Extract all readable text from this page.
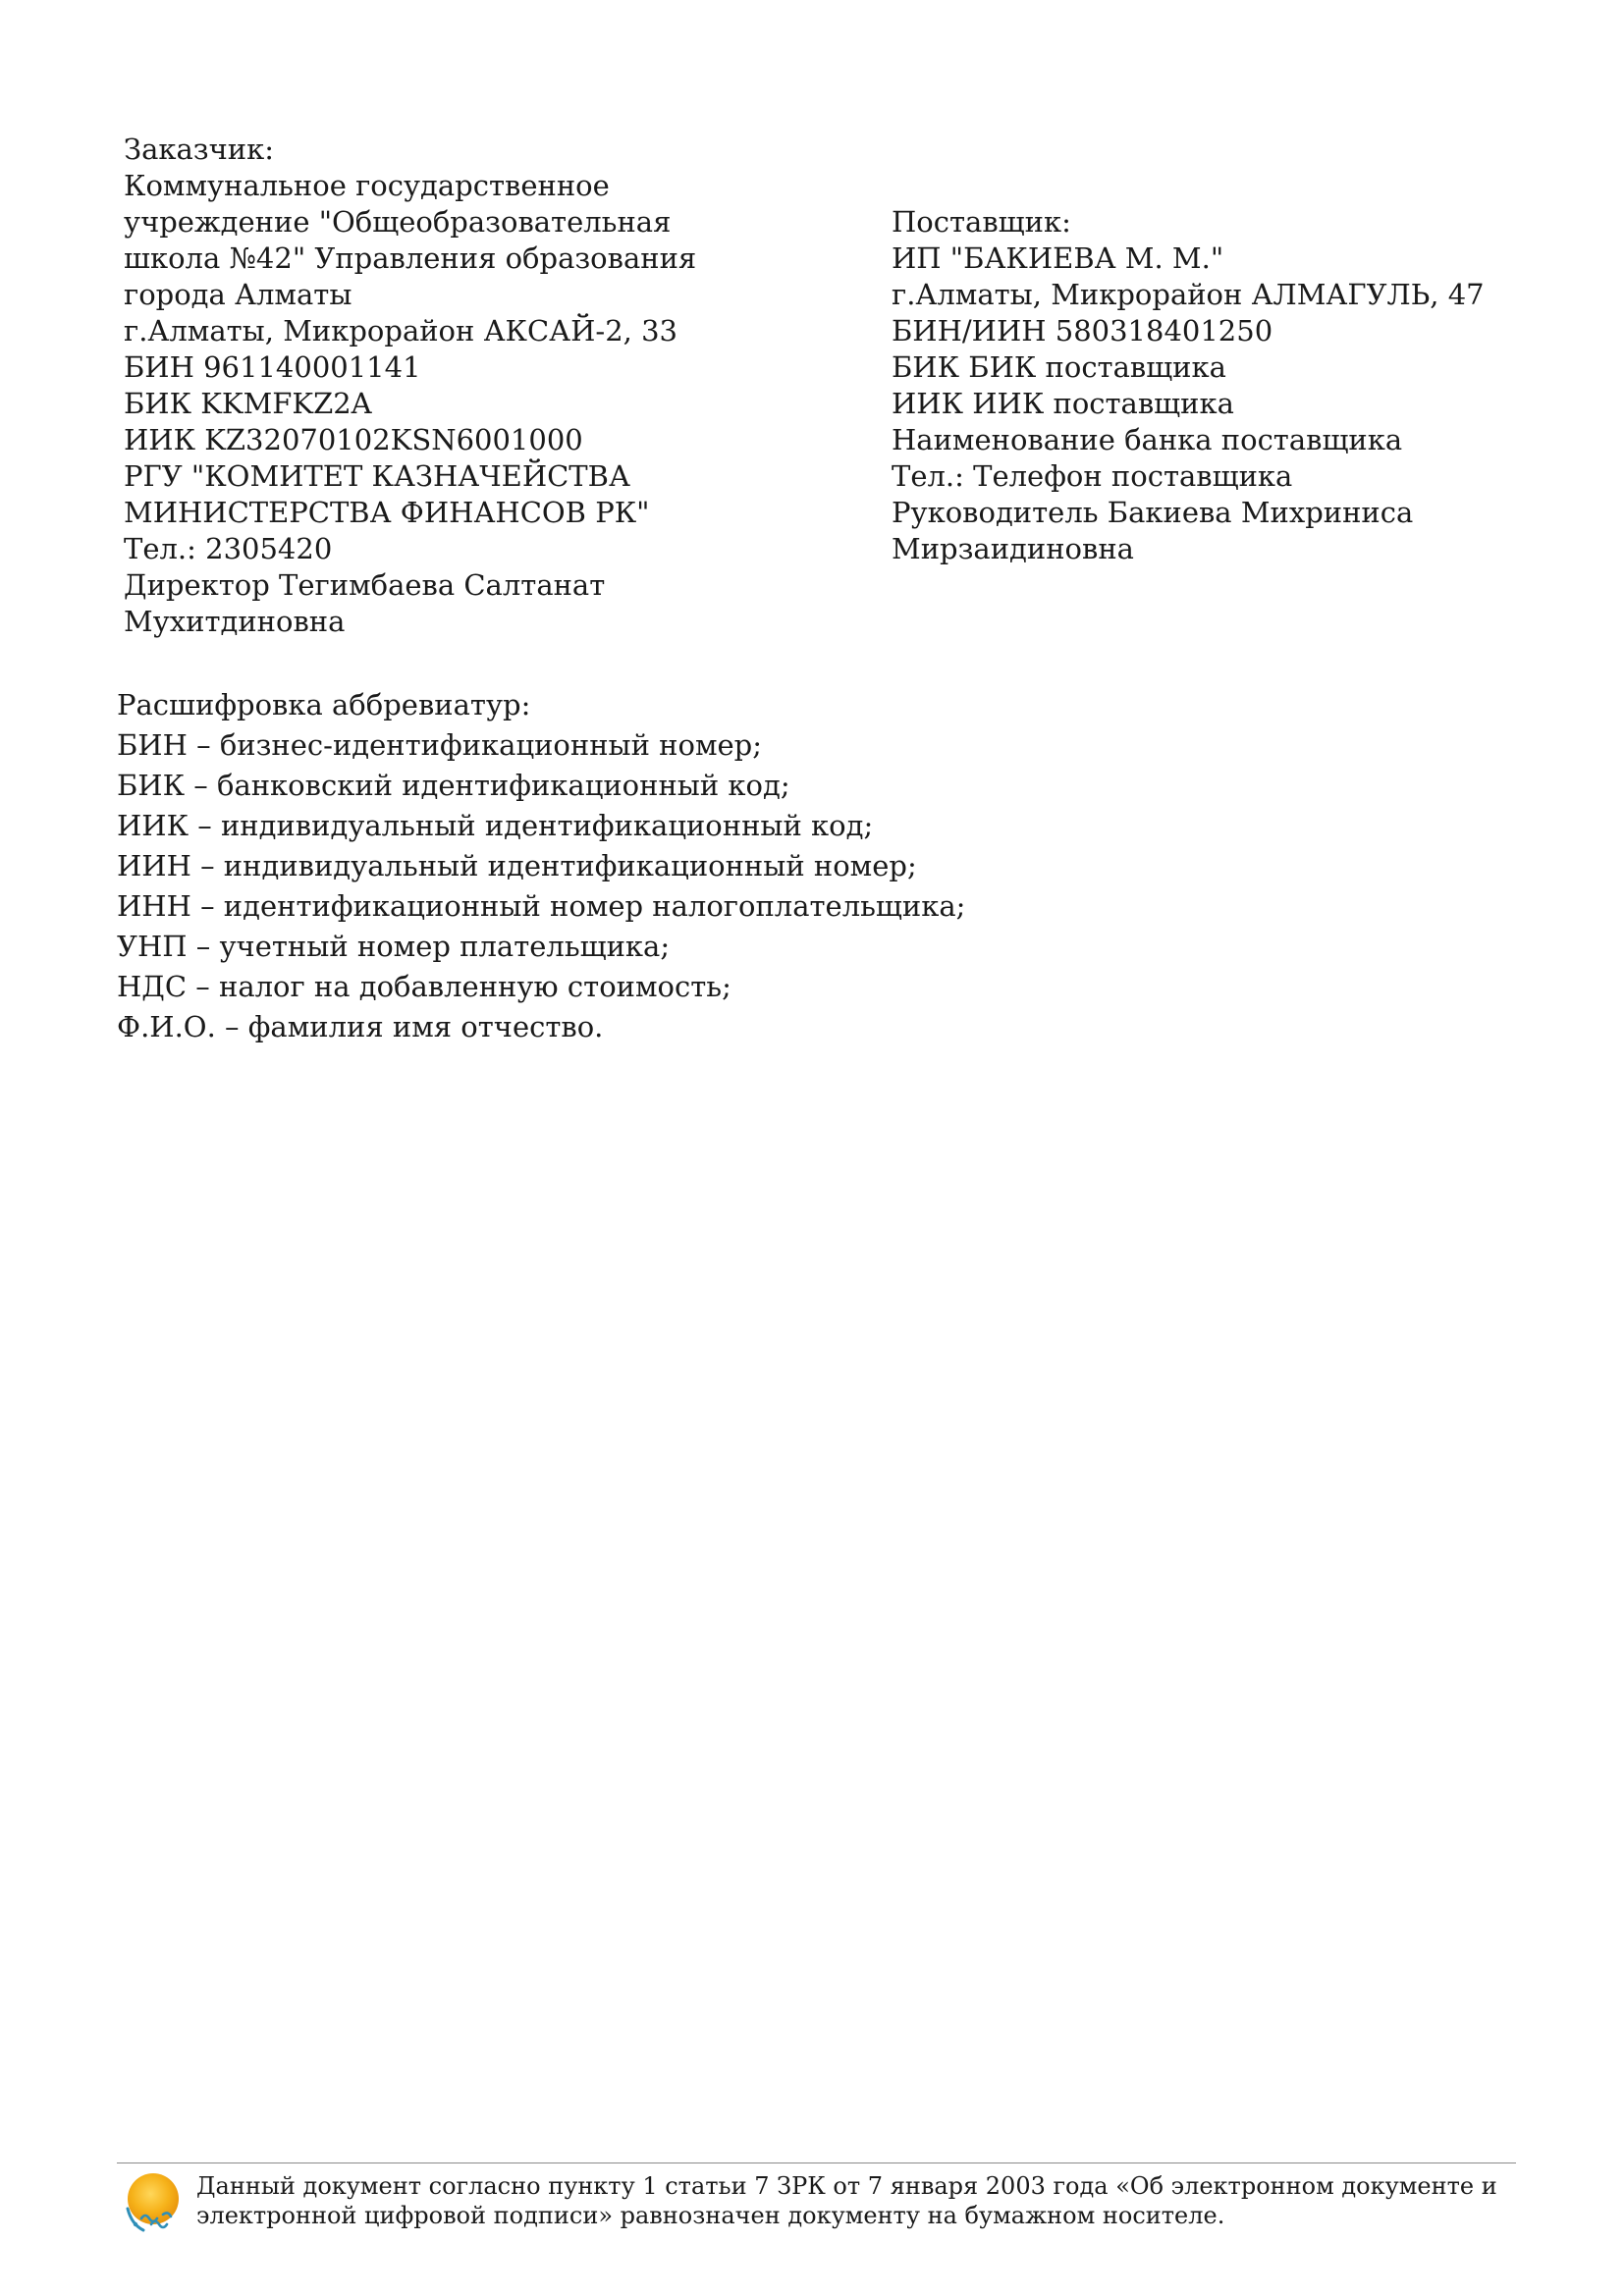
Заказчик:
Коммунальное государственное
учреждение "Общеобразовательная
школа №42" Управления образования
города Алматы
г.Алматы, Микрорайон АКСАЙ-2, 33
БИН 961140001141
БИК KKMFKZ2A
ИИК KZ32070102KSN6001000
РГУ "КОМИТЕТ КАЗНАЧЕЙСТВА
МИНИСТЕРСТВА ФИНАНСОВ РК"
Тел.: 2305420
Директор Тегимбаева Салтанат
Мухитдиновна
Поставщик:
ИП "БАКИЕВА М. М."
г.Алматы, Микрорайон АЛМАГУЛЬ, 47
БИН/ИИН 580318401250
БИК БИК поставщика
ИИК ИИК поставщика
Наименование банка поставщика
Тел.: Телефон поставщика
Руководитель Бакиева Михриниса
Мирзаидиновна
Расшифровка аббревиатур:
БИН – бизнес-идентификационный номер;
БИК – банковский идентификационный код;
ИИК – индивидуальный идентификационный код;
ИИН – индивидуальный идентификационный номер;
ИНН – идентификационный номер налогоплательщика;
УНП – учетный номер плательщика;
НДС – налог на добавленную стоимость;
Ф.И.О. – фамилия имя отчество.
Данный документ согласно пункту 1 статьи 7 ЗРК от 7 января 2003 года «Об электронном документе и
электронной цифровой подписи» равнозначен документу на бумажном носителе.
